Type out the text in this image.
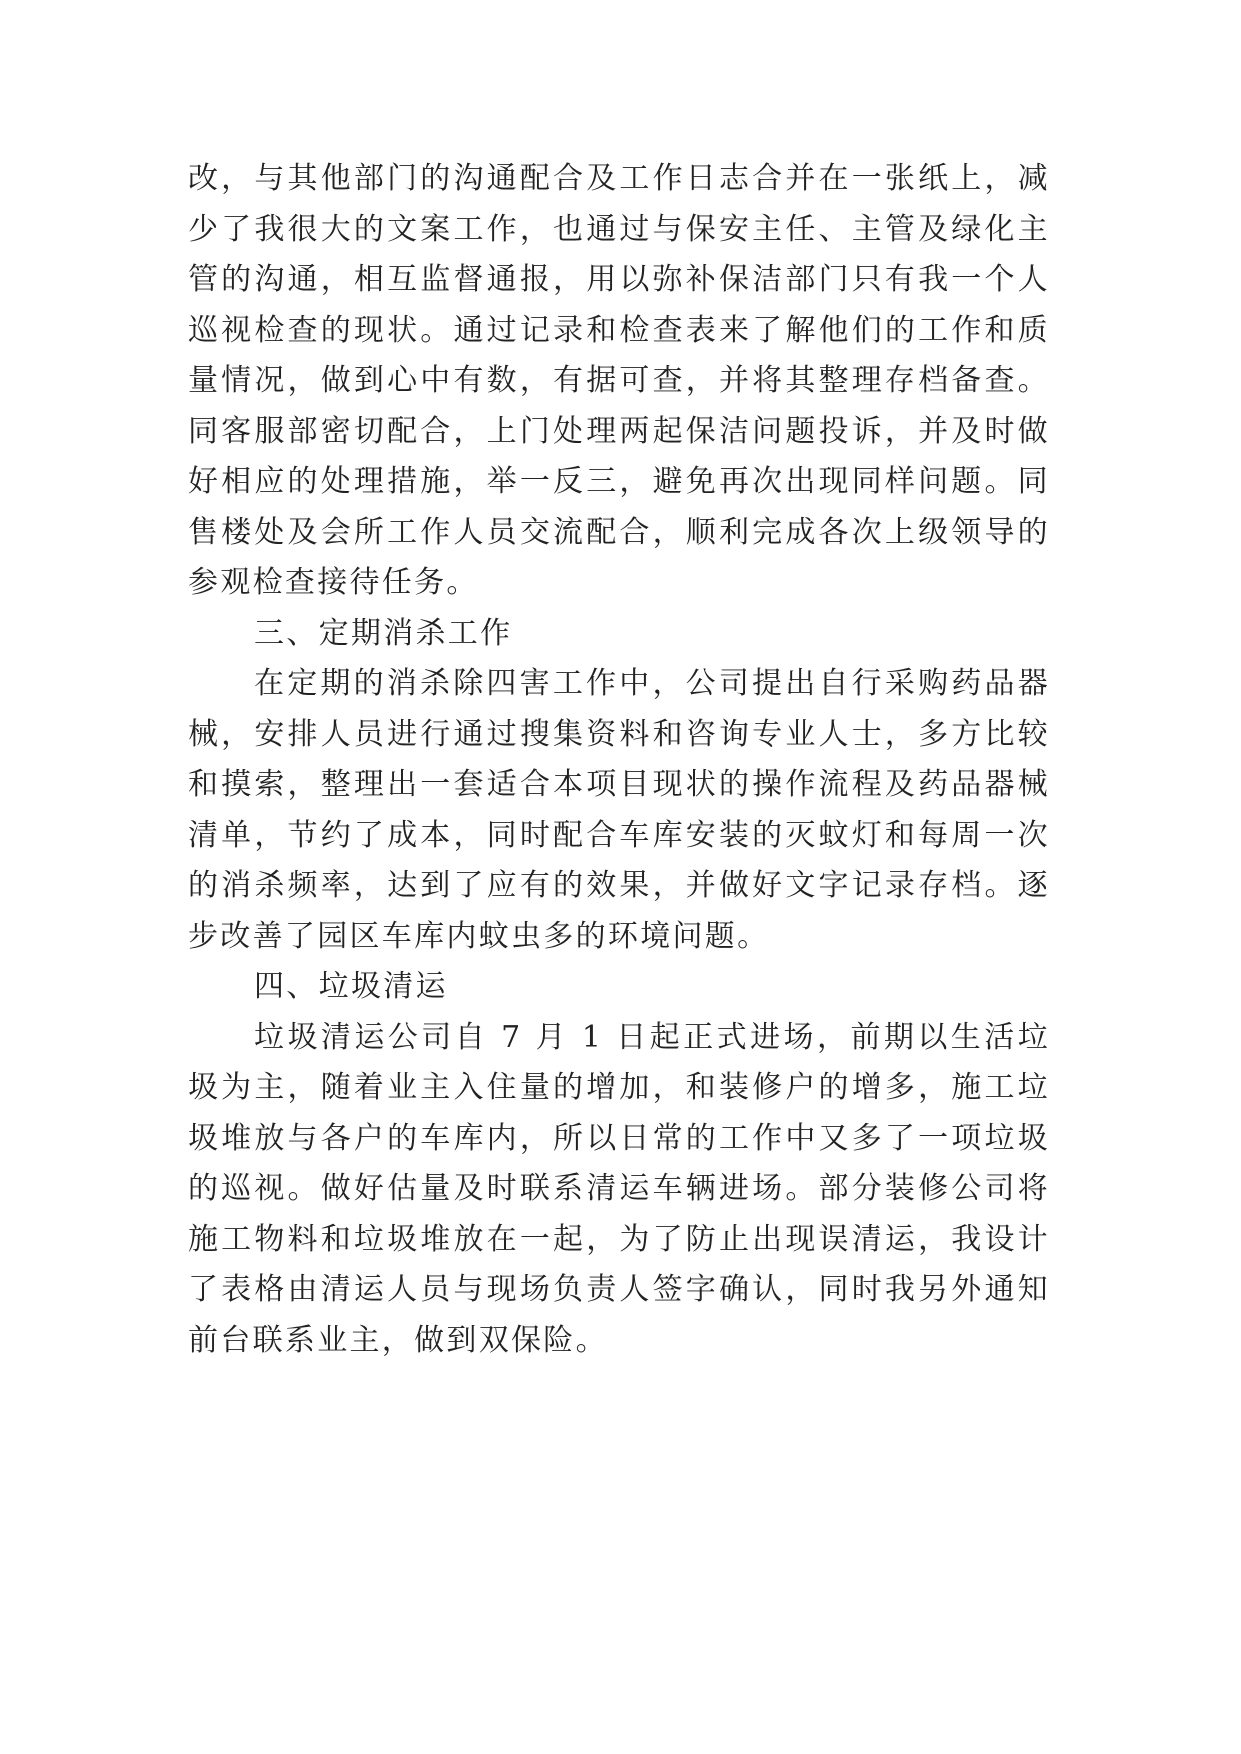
改，与其他部门的沟通配合及工作日志合并在一张纸上，减少了我很大的文案工作，也通过与保安主任、主管及绿化主管的沟通，相互监督通报，用以弥补保洁部门只有我一个人巡视检查的现状。通过记录和检查表来了解他们的工作和质量情况，做到心中有数，有据可查，并将其整理存档备查。同客服部密切配合，上门处理两起保洁问题投诉，并及时做好相应的处理措施，举一反三，避免再次出现同样问题。同售楼处及会所工作人员交流配合，顺利完成各次上级领导的参观检查接待任务。

三、定期消杀工作

在定期的消杀除四害工作中，公司提出自行采购药品器械，安排人员进行通过搜集资料和咨询专业人士，多方比较和摸索，整理出一套适合本项目现状的操作流程及药品器械清单，节约了成本，同时配合车库安装的灭蚊灯和每周一次的消杀频率，达到了应有的效果，并做好文字记录存档。逐步改善了园区车库内蚊虫多的环境问题。

四、垃圾清运

垃圾清运公司自 7 月 1 日起正式进场，前期以生活垃圾为主，随着业主入住量的增加，和装修户的增多，施工垃圾堆放与各户的车库内，所以日常的工作中又多了一项垃圾的巡视。做好估量及时联系清运车辆进场。部分装修公司将施工物料和垃圾堆放在一起，为了防止出现误清运，我设计了表格由清运人员与现场负责人签字确认，同时我另外通知前台联系业主，做到双保险。
